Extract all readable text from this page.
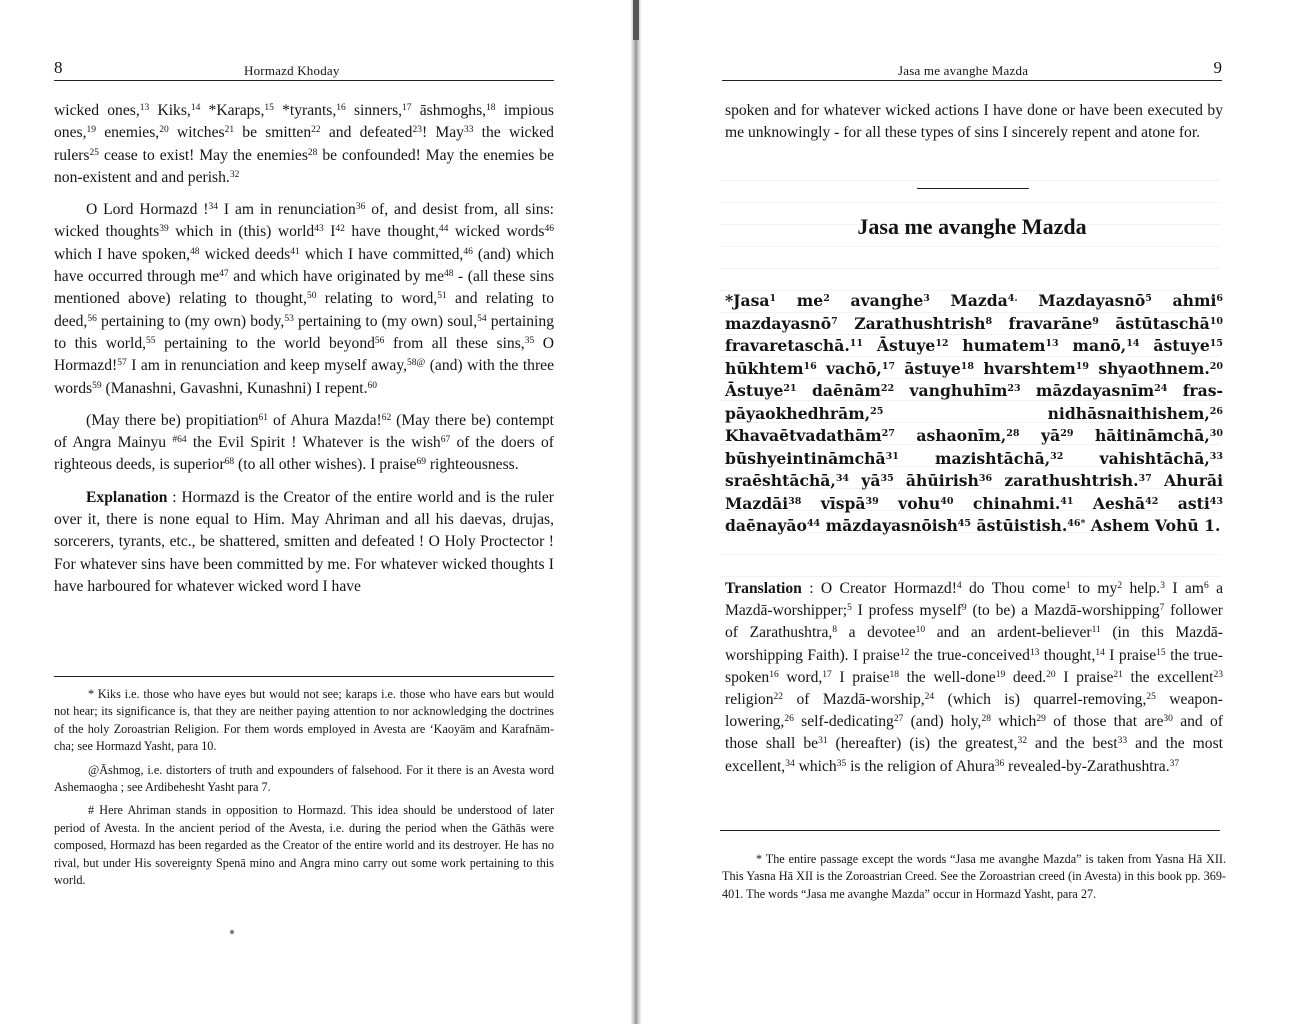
8	Hormazd Khoday

wicked ones,$^{13}$ Kiks,$^{14}$ *Karaps,$^{15}$ *tyrants,$^{16}$ sinners,$^{17}$ āshmoghs,$^{18}$ impious ones,$^{19}$ enemies,$^{20}$ witches$^{21}$ be smitten$^{22}$ and defeated$^{23}$! May$^{33}$ the wicked rulers$^{25}$ cease to exist! May the enemies$^{28}$ be confounded! May the enemies be non-existent and and perish.$^{32}$

O Lord Hormazd !$^{34}$ I am in renunciation$^{36}$ of, and desist from, all sins: wicked thoughts$^{39}$ which in (this) world$^{43}$ $I^{42}$ have thought,$^{44}$ wicked words$^{46}$ which I have spoken,$^{48}$ wicked deeds$^{41}$ which I have committed,$^{46}$ (and) which have occurred through $me^{47}$ and which have originated by $me^{48} - (all$ these sins mentioned above) relating to thought,$^{50}$ relating to word,$^{51}$ and relating to deed,$^{56}$ pertaining to (my own) body,$^{53}$ pertaining to (my own) soul,$^{54}$ pertaining to this world,$^{55}$ pertaining to the world beyond$^{56}$ from all these sins,$^{35}$ O Hormazd!$^{57}$ I am in renunciation and keep myself away,$^{58@}$ (and) with the three words$^{59}$ (Manashni, Gavashni, Kunashni) I repent.$^{60}$

(May there be) propitiation$^{61}$ of Ahura Mazda!$^{62}$ (May there be) contempt of Angra Mainyu $^{\#64}$ the Evil Spirit ! Whatever is the wish$^{67}$ of the doers of righteous deeds, is superior$^{68}$ (to all other wishes). I praise$^{69}$ righteousness.

Explanation : Hormazd is the Creator of the entire world and is the ruler over it, there is none equal to Him. May Ahriman and all his daevas, drujas, sorcerers, tyrants, etc., be shattered, smitten and defeated ! O Holy Proctector ! For whatever sins have been committed by me. For whatever wicked thoughts I have harboured for whatever wicked word I have

* Kiks i.e. those who have eyes but would not see; karaps i.e. those who have ears but would not hear; its significance is, that they are neither paying attention to nor acknowledging the doctrines of the holy Zoroastrian Religion. For them words employed in Avesta are ‘Kaoyām and Karafnām-cha; see Hormazd Yasht, para 10.

@Āshmog, i.e. distorters of truth and expounders of falsehood. For it there is an Avesta word Ashemaogha ; see Ardibehesht Yasht para 7.

# Here Ahriman stands in opposition to Hormazd. This idea should be understood of later period of Avesta. In the ancient period of the Avesta, i.e. during the period when the Gāthās were composed, Hormazd has been regarded as the Creator of the entire world and its destroyer. He has no rival, but under His sovereignty Spenā mino and Angra mino carry out some work pertaining to this world.

Jasa me avanghe Mazda	9

spoken and for whatever wicked actions I have done or have been executed by me unknowingly - for all these types of sins I sincerely repent and atone for.

Jasa me avanghe Mazda
*Jasa$^1$ $me^2$ avanghe$^3$ Mazda$^{4.}$ Mazdayasnō$^5$ ahmi$^6$ mazdayasnō$^7$ Zarathushtrish$^8$ fravarāne$^9$ āstūtaschā$^{10}$ fravaretaschā.$^{11}$ Āstuye$^{12}$ humatem$^{13}$ manō,$^{14}$ āstuye$^{15}$ hūkhtem$^{16}$ vachō,$^{17}$ āstuye$^{18}$ hvarshtem$^{19}$ shyaothnem.$^{20}$ Āstuye$^{21}$ daēnām$^{22}$ vanghuhīm$^{23}$ māzdayasnīm$^{24}$ fras-pāyaokhedhrām,$^{25}$ nidhāsnaithishem,$^{26}$ Khavaētvadathām$^{27}$ ashaonīm,$^{28}$ $yā^{29}$ hāitināmchā,$^{30}$ būshyeintināmchā$^{31}$ mazishtāchā,$^{32}$ vahishtāchā,$^{33}$ sraēshtāchā,$^{34}$ $yā^{35}$ āhūirish$^{36}$ zarathushtrish.$^{37}$ Ahurāi Mazdāi$^{38}$ vīspā$^{39}$ vohu$^{40}$ chinahmi.$^{41}$ Aeshā$^{42}$ asti$^{43}$ daēnayāo$^{44}$ māzdayasnōish$^{45}$ āstūistish.$^{46*}$ Ashem Vohū 1.
Translation : O Creator Hormazd!$^4$ do Thou come$^1$ to $my^2$ help.$^3$ I $am^6$ a Mazdā-worshipper;$^5$ I profess myself$^9$ (to be) a Mazdā-worshipping$^7$ follower of Zarathushtra,$^8$ a devotee$^{10}$ and an ardent-believer$^{11}$ (in this Mazdā-worshipping Faith). I praise$^{12}$ the true-conceived$^{13}$ thought,$^{14}$ I praise$^{15}$ the true-spoken$^{16}$ word,$^{17}$ I praise$^{18}$ the well-done$^{19}$ deed.$^{20}$ I praise$^{21}$ the excellent$^{23}$ religion$^{22}$ of Mazdā-worship,$^{24}$ (which is) quarrel-removing,$^{25}$ weapon-lowering,$^{26}$ self-dedicating$^{27}$ (and) holy,$^{28}$ which$^{29}$ of those that are$^{30}$ and of those shall $be^{31}$ (hereafter) (is) the greatest,$^{32}$ and the best$^{33}$ and the most excellent,$^{34}$ which$^{35}$ is the religion of Ahura$^{36}$ revealed-by-Zarathushtra.$^{37}$

* The entire passage except the words “Jasa me avanghe Mazda” is taken from Yasna Hā XII. This Yasna Hā XII is the Zoroastrian Creed. See the Zoroastrian creed (in Avesta) in this book pp. 369-401. The words “Jasa me avanghe Mazda” occur in Hormazd Yasht, para 27.
